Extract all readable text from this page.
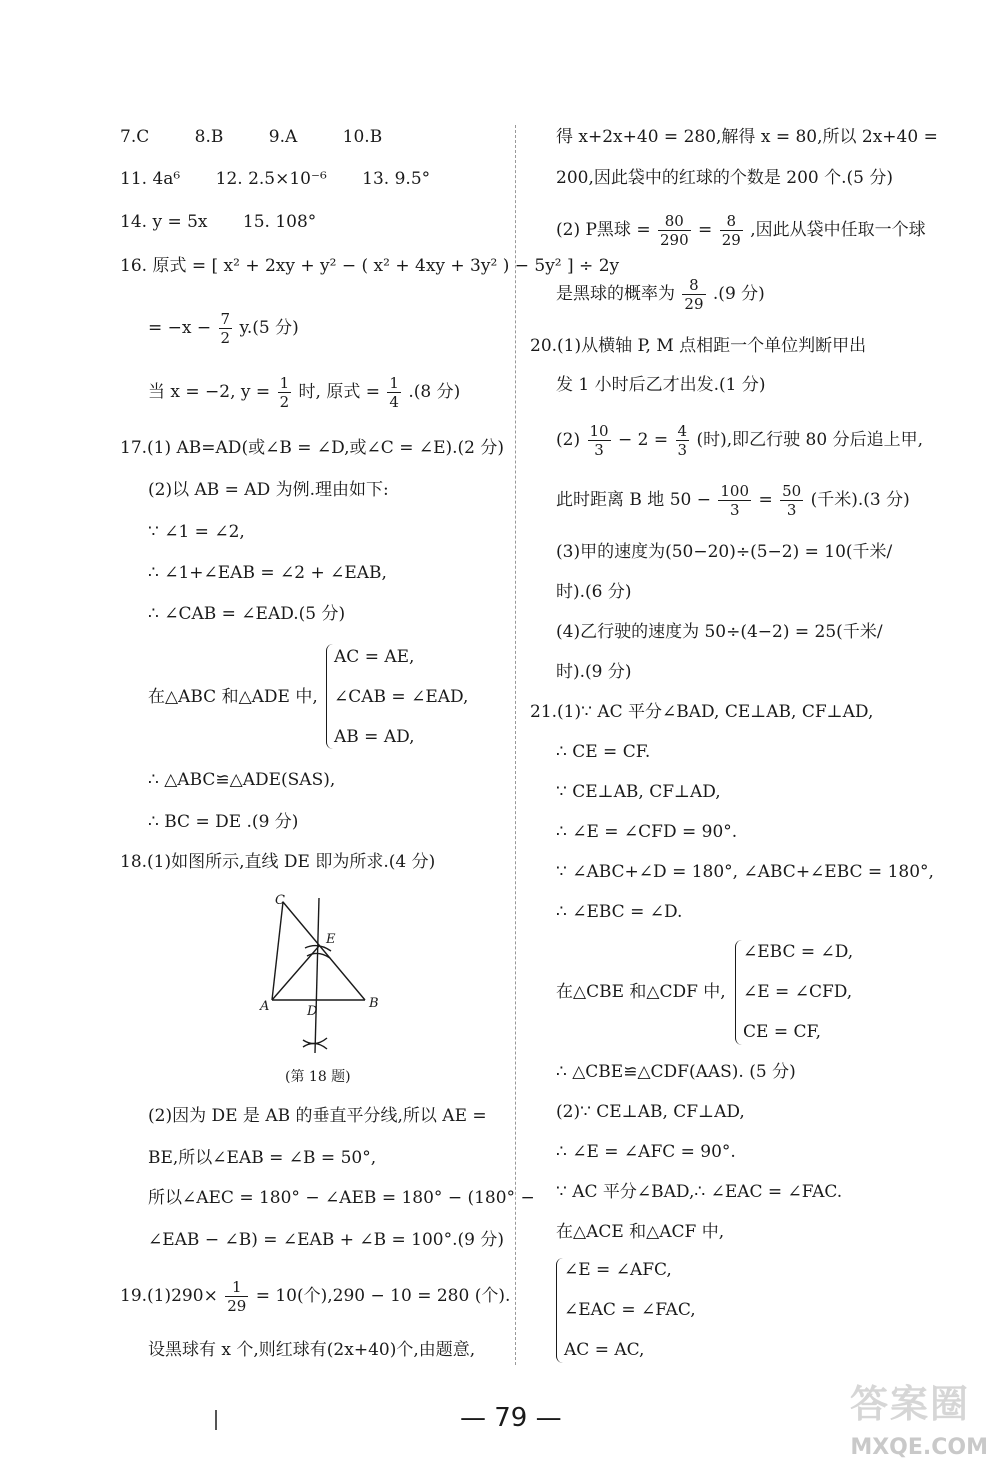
7.C	8.B	9.A	10.B
11. 4a⁶ 12. 2.5×10⁻⁶ 13. 9.5°
14. y = 5x 15. 108°
16. 原式 = [ x² + 2xy + y² − ( x² + 4xy + 3y² ) − 5y² ] ÷ 2y
= $-x - \frac{7}{2} y.(5$ 分)
当 x = −2, $y = \frac{1}{2}$ 时, 原式 = $\frac{1}{4} .(8$ 分)
17.(1) AB=AD(或∠B = ∠D,或∠C = ∠E).(2 分)
(2)以 AB = AD 为例.理由如下:
∵ ∠1 = ∠2,
∴ ∠1+∠EAB = ∠2 + ∠EAB,
∴ ∠CAB = ∠EAD.(5 分)
AC = AE,
在△ABC 和△ADE 中, ∠CAB = ∠EAD,
AB = AD,
∴ △ABC≌△ADE(SAS),
∴ BC = DE .(9 分)
18.(1)如图所示,直线 DE 即为所求.(4 分)
C
E
A	D
B
(第 18 题)
(2)因为 DE 是 AB 的垂直平分线,所以 AE =
BE,所以∠EAB = ∠B = 50°,
所以∠AEC = 180° − ∠AEB = 180° − (180° −
∠EAB − ∠B) = ∠EAB + ∠B = 100°.(9 分)
$19.(1)290\times \frac{1}{29} = 10$(个),290 − 10 = 280 (个).
设黑球有 x 个,则红球有(2x+40)个,由题意,
得 x+2x+40 = 280,解得 x = 80,所以 2x+40 =
200,因此袋中的红球的个数是 200 个.(5 分)
(2) P黑球 = $\frac{80}{290} = \frac{8}{29}$ ,因此从袋中任取一个球
是黑球的概率为 $\frac{8}{29} .(9$ 分)
20.(1)从横轴 P, M 点相距一个单位判断甲出
发 1 小时后乙才出发.(1 分)
$(2) \frac{10}{3} - 2 = \frac{4}{3}$ (时),即乙行驶 80 分后追上甲,
此时距离 B 地 $50 - \frac{100}{3} = \frac{50}{3}$ (千米).(3 分)
(3)甲的速度为(50−20)÷(5−2) = 10(千米/
时).(6 分)
(4)乙行驶的速度为 50÷(4−2) = 25(千米/
时).(9 分)
21.(1)∵ AC 平分∠BAD, CE⊥AB, CF⊥AD,
∴ CE = CF.
∵ CE⊥AB, CF⊥AD,
∴ ∠E = ∠CFD = 90°.
∵ ∠ABC+∠D = 180°, ∠ABC+∠EBC = 180°,
∴ ∠EBC = ∠D.
∠EBC = ∠D,
在△CBE 和△CDF 中, ∠E = ∠CFD,
CE = CF,
∴ △CBE≌△CDF(AAS). (5 分)
(2)∵ CE⊥AB, CF⊥AD,
∴ ∠E = ∠AFC = 90°.
∵ AC 平分∠BAD,∴ ∠EAC = ∠FAC.
在△ACE 和△ACF 中,
∠E = ∠AFC,
∠EAC = ∠FAC,
AC = AC,
— 79 —	答案圈
MXQE.COM
